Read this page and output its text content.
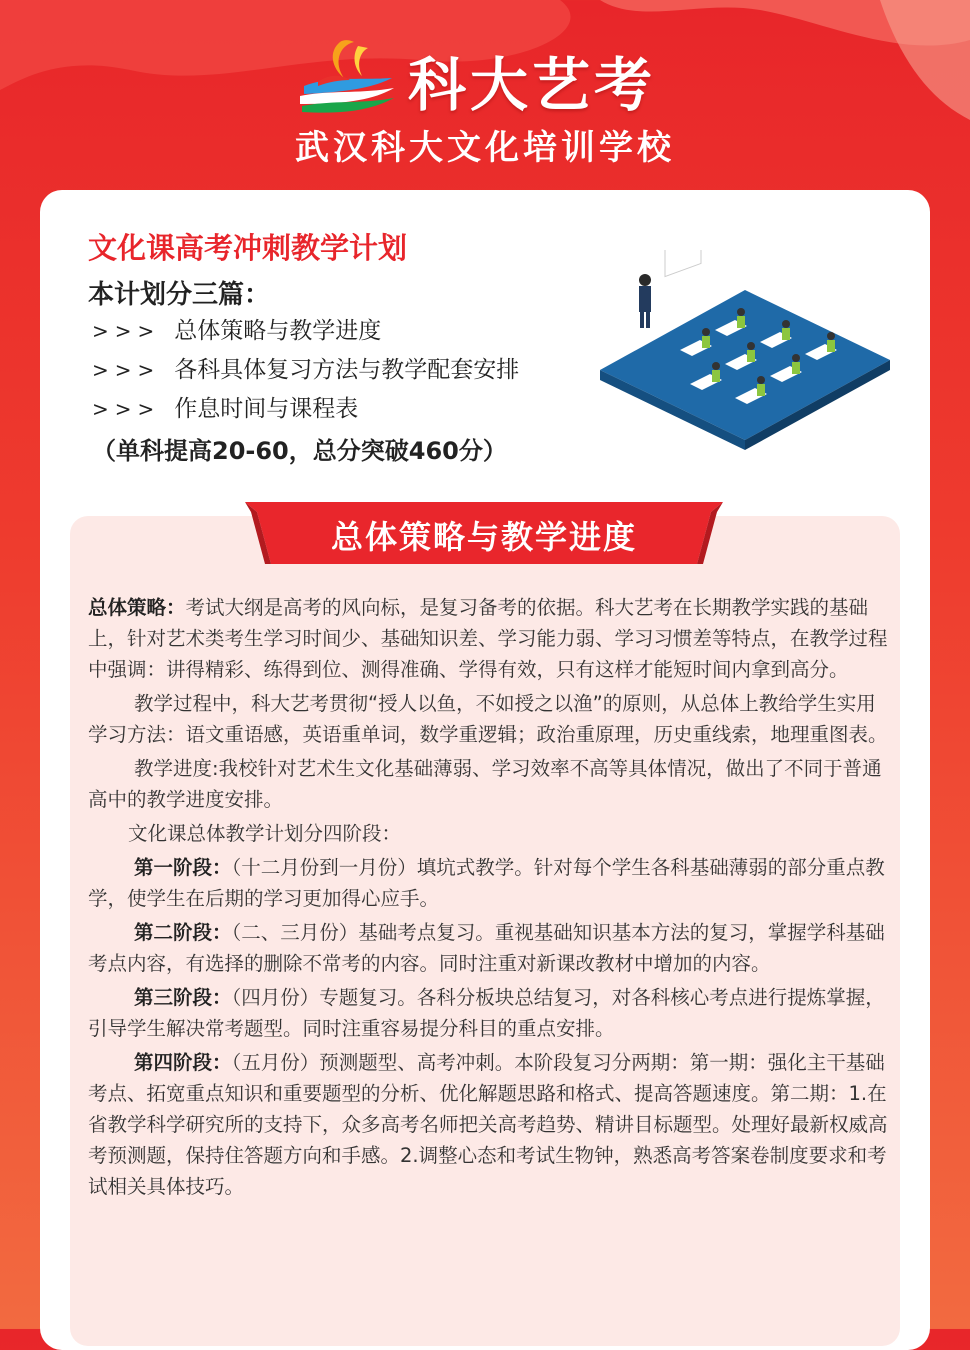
科大艺考
武汉科大文化培训学校
文化课高考冲刺教学计划
本计划分三篇：
>>> 总体策略与教学进度
>>> 各科具体复习方法与教学配套安排
>>> 作息时间与课程表
（单科提高20-60，总分突破460分）
总体策略与教学进度

总体策略：考试大纲是高考的风向标，是复习备考的依据。科大艺考在长期教学实践的基础上，针对艺术类考生学习时间少、基础知识差、学习能力弱、学习习惯差等特点，在教学过程中强调：讲得精彩、练得到位、测得准确、学得有效，只有这样才能短时间内拿到高分。

教学过程中，科大艺考贯彻“授人以鱼，不如授之以渔”的原则，从总体上教给学生实用学习方法：语文重语感，英语重单词，数学重逻辑；政治重原理，历史重线索，地理重图表。

教学进度:我校针对艺术生文化基础薄弱、学习效率不高等具体情况，做出了不同于普通高中的教学进度安排。

文化课总体教学计划分四阶段：

第一阶段：（十二月份到一月份）填坑式教学。针对每个学生各科基础薄弱的部分重点教学，使学生在后期的学习更加得心应手。

第二阶段：（二、三月份）基础考点复习。重视基础知识基本方法的复习，掌握学科基础考点内容，有选择的删除不常考的内容。同时注重对新课改教材中增加的内容。

第三阶段：（四月份）专题复习。各科分板块总结复习，对各科核心考点进行提炼掌握，引导学生解决常考题型。同时注重容易提分科目的重点安排。

第四阶段：（五月份）预测题型、高考冲刺。本阶段复习分两期：第一期：强化主干基础考点、拓宽重点知识和重要题型的分析、优化解题思路和格式、提高答题速度。第二期：1.在省教学科学研究所的支持下，众多高考名师把关高考趋势、精讲目标题型。处理好最新权威高考预测题，保持住答题方向和手感。2.调整心态和考试生物钟，熟悉高考答案卷制度要求和考试相关具体技巧。
